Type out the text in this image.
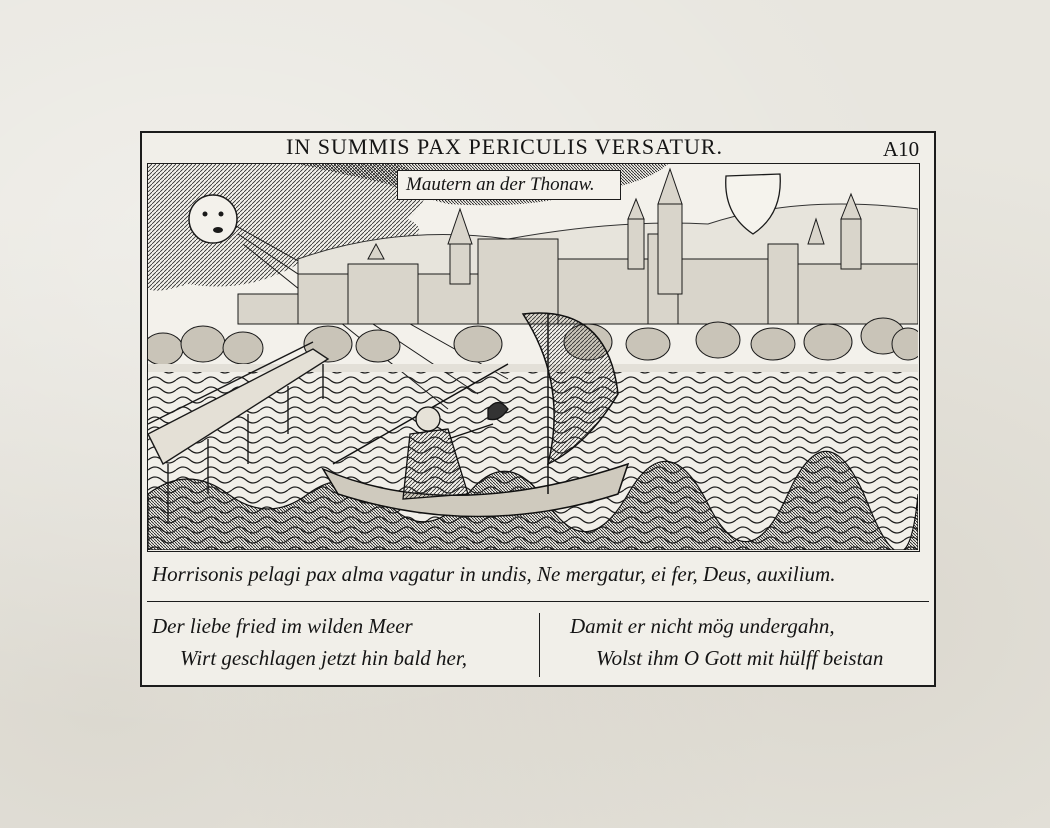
IN SUMMIS PAX PERICULIS VERSATUR.	A10
Mautern an der Thonaw.
Horrisonis pelagi pax alma vagatur in undis, Ne mergatur, ei fer, Deus, auxilium.
Der liebe fried im wilden Meer
Wirt geschlagen jetzt hin bald her,
Damit er nicht mög undergahn,
Wolst ihm O Gott mit hülff beistan
